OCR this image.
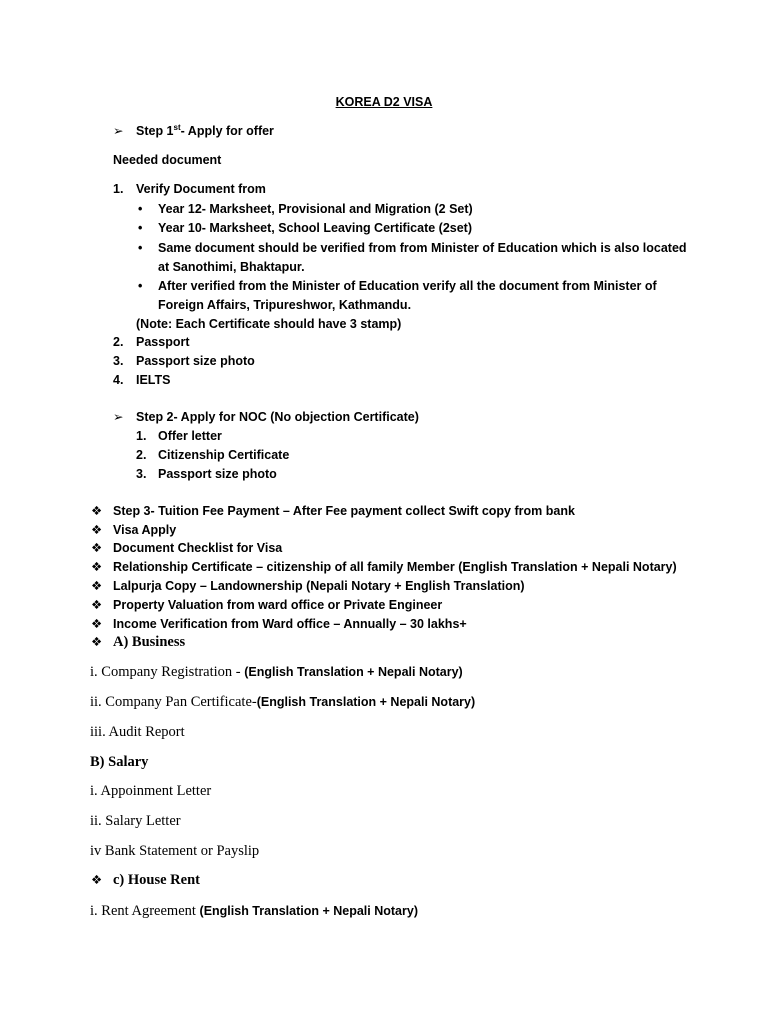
KOREA D2 VISA
➢ Step 1st- Apply for offer
Needed document
1. Verify Document from
•	Year 12- Marksheet, Provisional and Migration (2 Set)
•	Year 10- Marksheet, School Leaving Certificate (2set)
•	Same document should be verified from from Minister of Education which is also located
at Sanothimi, Bhaktapur.
•	After verified from the Minister of Education verify all the document from Minister of
Foreign Affairs, Tripureshwor, Kathmandu.
(Note: Each Certificate should have 3 stamp)
2. Passport
3. Passport size photo
4. IELTS
➢ Step 2- Apply for NOC (No objection Certificate)
1. Offer letter
2. Citizenship Certificate
3. Passport size photo
❖ Step 3- Tuition Fee Payment – After Fee payment collect Swift copy from bank
❖ Visa Apply
❖ Document Checklist for Visa
❖ Relationship Certificate – citizenship of all family Member (English Translation + Nepali Notary)
❖ Lalpurja Copy – Landownership (Nepali Notary + English Translation)
❖ Property Valuation from ward office or Private Engineer
❖ Income Verification from Ward office – Annually – 30 lakhs+
❖ A) Business
i. Company Registration - (English Translation + Nepali Notary)
ii. Company Pan Certificate-(English Translation + Nepali Notary)
iii. Audit Report
B) Salary
i. Appoinment Letter
ii. Salary Letter
iv Bank Statement or Payslip
❖ c) House Rent
i. Rent Agreement (English Translation + Nepali Notary)
